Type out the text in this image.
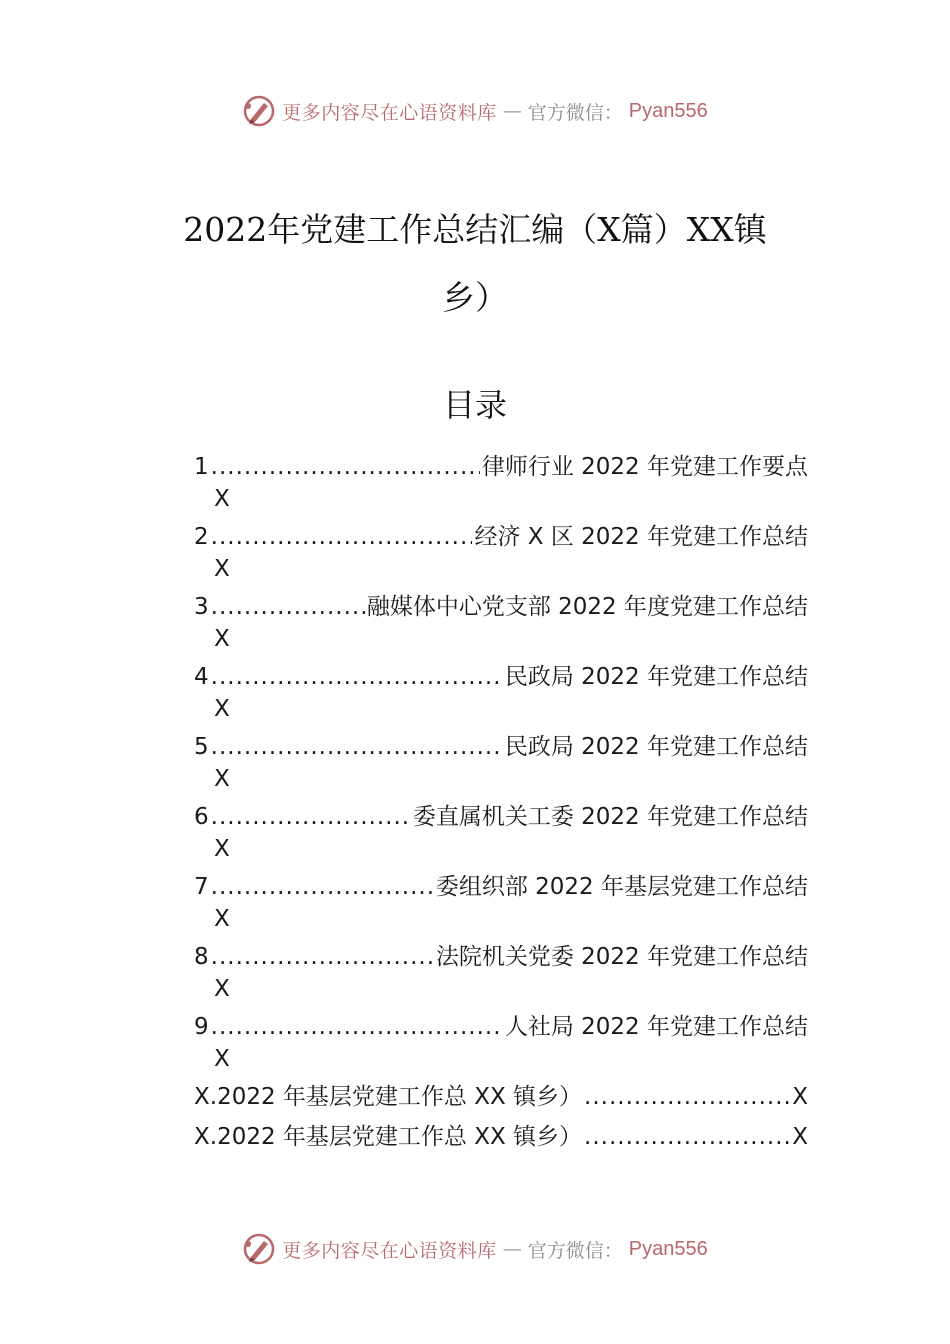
更多内容尽在心语资料库 — 官方微信： Pyan556
2022年党建工作总结汇编（X篇）XX镇乡）
目录
1 .....	律师行业 2022 年党建工作要点
X
2 .....	经济 X 区 2022 年党建工作总结
X
3 .....	融媒体中心党支部 2022 年度党建工作总结
X
4 .....	民政局 2022 年党建工作总结
X
5 .....	民政局 2022 年党建工作总结
X
6 .....	委直属机关工委 2022 年党建工作总结
X
7 .....	委组织部 2022 年基层党建工作总结
X
8 .....	法院机关党委 2022 年党建工作总结
X
9 .....	人社局 2022 年党建工作总结
X
X.2022 年基层党建工作总 XX 镇乡） .....	X
X.2022 年基层党建工作总 XX 镇乡） .....	X
更多内容尽在心语资料库 — 官方微信： Pyan556
